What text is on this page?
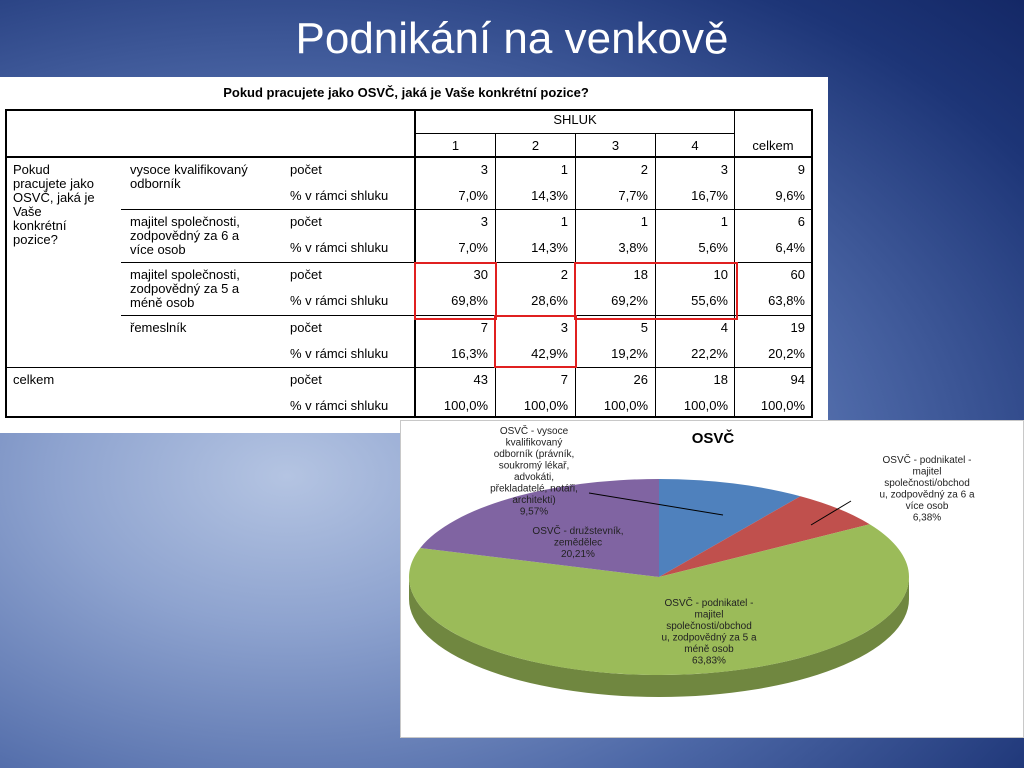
Podnikání na venkově
Pokud pracujete jako OSVČ, jaká je Vaše konkrétní pozice?
SHLUK
1	2	3	4	celkem
Pokud
pracujete jako
OSVČ, jaká je
Vaše
konkrétní
pozice?
vysoce kvalifikovaný
odborník
počet
% v rámci shluku
3	1	2	3	9
7,0%	14,3%	7,7%	16,7%	9,6%
majitel společnosti,
zodpovědný za 6 a
více osob
počet
% v rámci shluku
3	1	1	1	6
7,0%	14,3%	3,8%	5,6%	6,4%
majitel společnosti,
zodpovědný za 5 a
méně osob
počet
% v rámci shluku
30	2	18	10	60
69,8%	28,6%	69,2%	55,6%	63,8%
řemeslník	počet
% v rámci shluku
7	3	5	4	19
16,3%	42,9%	19,2%	22,2%	20,2%
celkem	počet
% v rámci shluku
43	7	26	18	94
100,0%	100,0%	100,0%	100,0%	100,0%
OSVČ
OSVČ - vysoce kvalifikovaný odborník (právník, soukromý lékař, advokáti, překladatelé, notáři, architekti) 9,57%
OSVČ - podnikatel -majitel společnosti/obchod u, zodpovědný za 6 a více osob 6,38%
OSVČ - podnikatel -majitel společnosti/obchod u, zodpovědný za 5 a méně osob 63,83%
OSVČ - družstevník, zemědělec 20,21%
